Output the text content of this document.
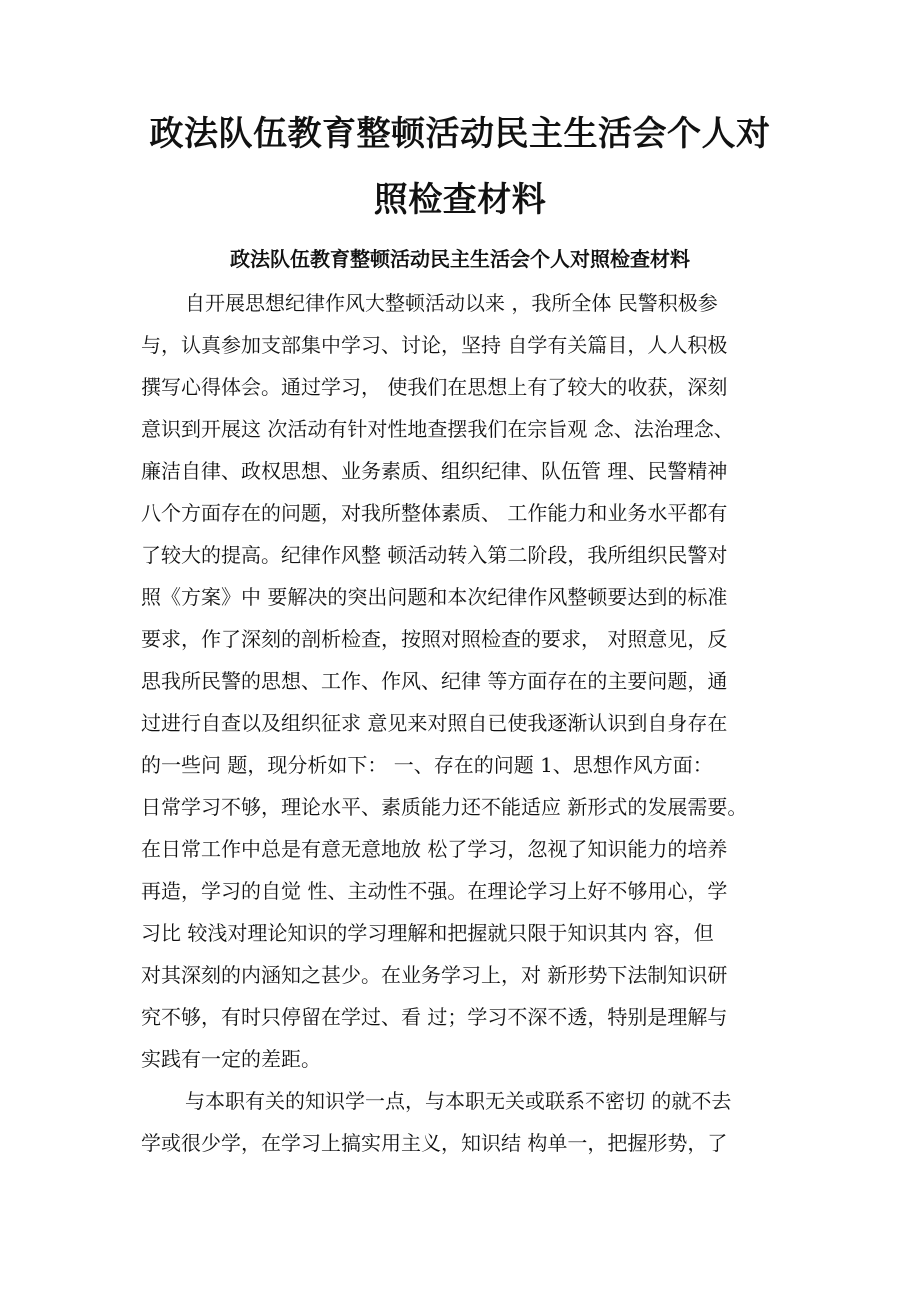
政法队伍教育整顿活动民主生活会个人对
照检查材料
政法队伍教育整顿活动民主生活会个人对照检查材料
自开展思想纪律作风大整顿活动以来 ，我所全体 民警积极参
与，认真参加支部集中学习、讨论，坚持 自学有关篇目，人人积极
撰写心得体会。通过学习， 使我们在思想上有了较大的收获，深刻
意识到开展这 次活动有针对性地查摆我们在宗旨观 念、法治理念、
廉洁自律、政权思想、业务素质、组织纪律、队伍管 理、民警精神
八个方面存在的问题，对我所整体素质、 工作能力和业务水平都有
了较大的提高。纪律作风整 顿活动转入第二阶段，我所组织民警对
照《方案》中 要解决的突出问题和本次纪律作风整顿要达到的标准
要求，作了深刻的剖析检查，按照对照检查的要求， 对照意见，反
思我所民警的思想、工作、作风、纪律 等方面存在的主要问题，通
过进行自查以及组织征求 意见来对照自已使我逐渐认识到自身存在
的一些问 题，现分析如下： 一、存在的问题 1、思想作风方面：
日常学习不够，理论水平、素质能力还不能适应 新形式的发展需要。
在日常工作中总是有意无意地放 松了学习，忽视了知识能力的培养
再造，学习的自觉 性、主动性不强。在理论学习上好不够用心，学
习比 较浅对理论知识的学习理解和把握就只限于知识其内 容，但
对其深刻的内涵知之甚少。在业务学习上，对 新形势下法制知识研
究不够，有时只停留在学过、看 过；学习不深不透，特别是理解与
实践有一定的差距。
与本职有关的知识学一点，与本职无关或联系不密切 的就不去
学或很少学，在学习上搞实用主义，知识结 构单一，把握形势，了
